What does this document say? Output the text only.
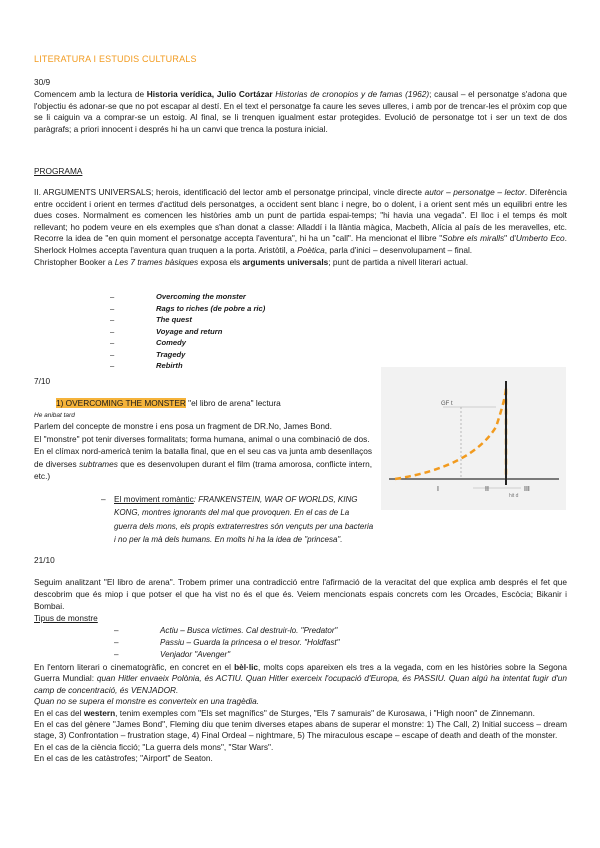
LITERATURA I ESTUDIS CULTURALS
30/9
Comencem amb la lectura de Historia verídica, Julio Cortázar Historias de cronopios y de famas (1962); causal – el personatge s'adona que l'objectiu és adonar-se que no pot escapar al destí. En el text el personatge fa caure les seves ulleres, i amb por de trencar-les el pròxim cop que se li caiguin va a comprar-se un estoig. Al final, se li trenquen igualment estar protegides. Evolució de personatge tot i ser un text de dos paràgrafs; a priori innocent i després hi ha un canvi que trenca la postura inicial.
PROGRAMA
II. ARGUMENTS UNIVERSALS; herois, identificació del lector amb el personatge principal, vincle directe autor – personatge – lector. Diferència entre occident i orient en termes d'actitud dels personatges, a occident sent blanc i negre, bo o dolent, i a orient sent més un equilibri entre les dues coses. Normalment es comencen les històries amb un punt de partida espai-temps; "hi havia una vegada". El lloc i el temps és molt rellevant; ho podem veure en els exemples que s'han donat a classe: Alladdí i la llàntia màgica, Macbeth, Alícia al país de les meravelles, etc. Recorre la idea de "en quin moment el personatge accepta l'aventura", hi ha un "call". Ha mencionat el llibre "Sobre els miralls" d'Umberto Eco. Sherlock Holmes accepta l'aventura quan truquen a la porta. Aristòtil, a Poètica, parla d'inici – desenvolupament – final.
Christopher Booker a Les 7 trames bàsiques exposa els arguments universals; punt de partida a nivell literari actual.
–	Overcoming the monster
–	Rags to riches (de pobre a ric)
–	The quest
–	Voyage and return
–	Comedy
–	Tragedy
–	Rebirth
7/10
1) OVERCOMING THE MONSTER "el libro de arena" lectura
He anibat tard
Parlem del concepte de monstre i ens posa un fragment de DR.No, James Bond.
El "monstre" pot tenir diverses formalitats; forma humana, animal o una combinació de dos.
En el clímax nord-americà tenim la batalla final, que en el seu cas va junta amb desenllaços de diverses subtrames que es desenvolupen durant el film (trama amorosa, conflicte intern, etc.)
– El moviment romàntic: FRANKENSTEIN, WAR OF WORLDS, KING KONG, montres ignorants del mal que provoquen. En el cas de La guerra dels mons, els propis extraterrestres són vençuts per una bacteria i no per la mà dels humans. En molts hi ha la idea de "princesa".
21/10
Seguim analitzant "El libro de arena". Trobem primer una contradicció entre l'afirmació de la veracitat del que explica amb després el fet que descobrim que és miop i que potser el que ha vist no és el que és. Veiem mencionats espais concrets com les Orcades, Escòcia; Bikanir i Bombai.
Tipus de monstre
–	Actiu – Busca víctimes. Cal destruir-lo. "Predator"
–	Passiu – Guarda la princesa o el tresor. "Holdfast"
–	Venjador "Avenger"
En l'entorn literari o cinematogràfic, en concret en el bèl·lic, molts cops apareixen els tres a la vegada, com en les històries sobre la Segona Guerra Mundial: quan Hitler envaeix Polònia, és ACTIU. Quan Hitler exerceix l'ocupació d'Europa, és PASSIU. Quan algú ha intentat fugir d'un camp de concentració, és VENJADOR.
Quan no se supera el monstre es converteix en una tragèdia.
En el cas del western, tenim exemples com "Els set magnífics" de Sturges, "Els 7 samurais" de Kurosawa, i "High noon" de Zinnemann.
En el cas del gènere "James Bond", Fleming diu que tenim diverses etapes abans de superar el monstre: 1) The Call, 2) Initial success – dream stage, 3) Confrontation – frustration stage, 4) Final Ordeal – nightmare, 5) The miraculous escape – escape of death and death of the monster.
En el cas de la ciència ficció; "La guerra dels mons", "Star Wars".
En el cas de les catàstrofes; "Airport" de Seaton.
GF t
hit d
I	II	III
